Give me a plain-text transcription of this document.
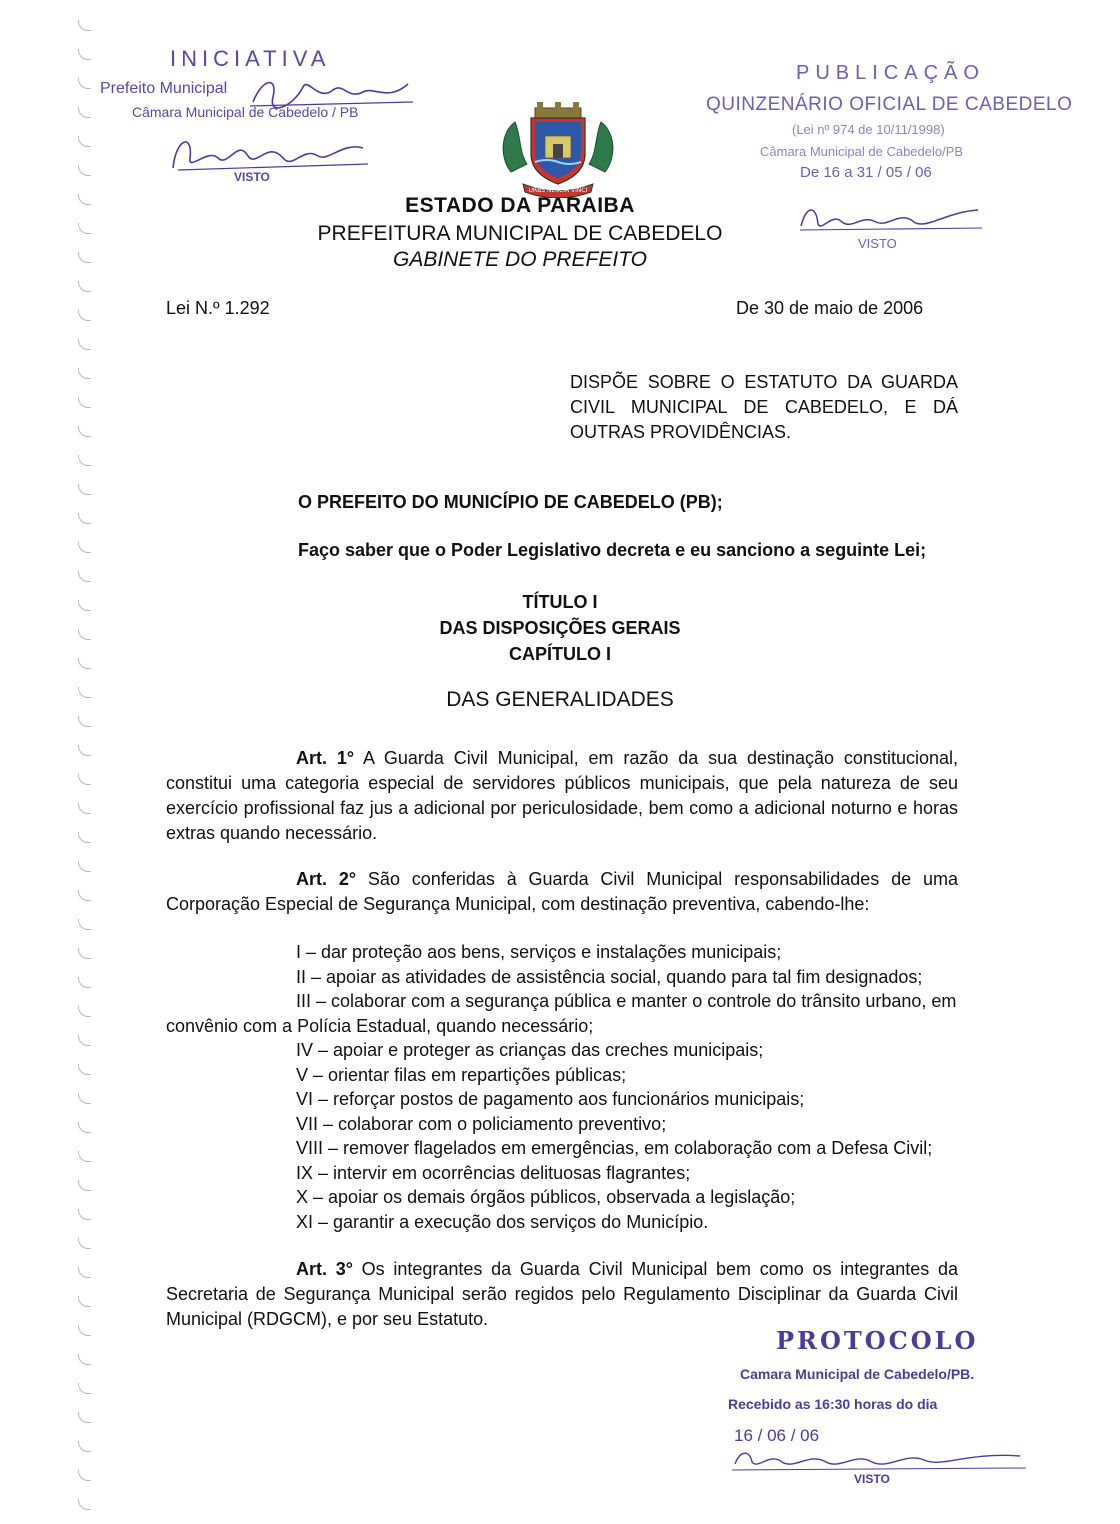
INICIATIVA
Prefeito Municipal
Câmara Municipal de Cabedelo / PB
VISTO
URBS NESCIA VINCI
ESTADO DA PARAIBA
PREFEITURA MUNICIPAL DE CABEDELO
GABINETE DO PREFEITO
PUBLICAÇÃO
QUINZENÁRIO OFICIAL DE CABEDELO
(Lei nº 974 de 10/11/1998)
Câmara Municipal de Cabedelo/PB
De 16 a 31 / 05 / 06
VISTO
Lei N.º 1.292	De 30 de maio de 2006
DISPÕE SOBRE O ESTATUTO DA GUARDA CIVIL MUNICIPAL DE CABEDELO, E DÁ OUTRAS PROVIDÊNCIAS.
O PREFEITO DO MUNICÍPIO DE CABEDELO (PB);
Faço saber que o Poder Legislativo decreta e eu sanciono a seguinte Lei;
TÍTULO I
DAS DISPOSIÇÕES GERAIS
CAPÍTULO I
DAS GENERALIDADES
Art. 1° A Guarda Civil Municipal, em razão da sua destinação constitucional, constitui uma categoria especial de servidores públicos municipais, que pela natureza de seu exercício profissional faz jus a adicional por periculosidade, bem como a adicional noturno e horas extras quando necessário.
Art. 2° São conferidas à Guarda Civil Municipal responsabilidades de uma Corporação Especial de Segurança Municipal, com destinação preventiva, cabendo-lhe:
I – dar proteção aos bens, serviços e instalações municipais;
II – apoiar as atividades de assistência social, quando para tal fim designados;
III – colaborar com a segurança pública e manter o controle do trânsito urbano, em
convênio com a Polícia Estadual, quando necessário;
IV – apoiar e proteger as crianças das creches municipais;
V – orientar filas em repartições públicas;
VI – reforçar postos de pagamento aos funcionários municipais;
VII – colaborar com o policiamento preventivo;
VIII – remover flagelados em emergências, em colaboração com a Defesa Civil;
IX – intervir em ocorrências delituosas flagrantes;
X – apoiar os demais órgãos públicos, observada a legislação;
XI – garantir a execução dos serviços do Município.
Art. 3° Os integrantes da Guarda Civil Municipal bem como os integrantes da Secretaria de Segurança Municipal serão regidos pelo Regulamento Disciplinar da Guarda Civil Municipal (RDGCM), e por seu Estatuto.
PROTOCOLO
Camara Municipal de Cabedelo/PB.
Recebido as 16:30 horas do dia
16 / 06 / 06
VISTO
